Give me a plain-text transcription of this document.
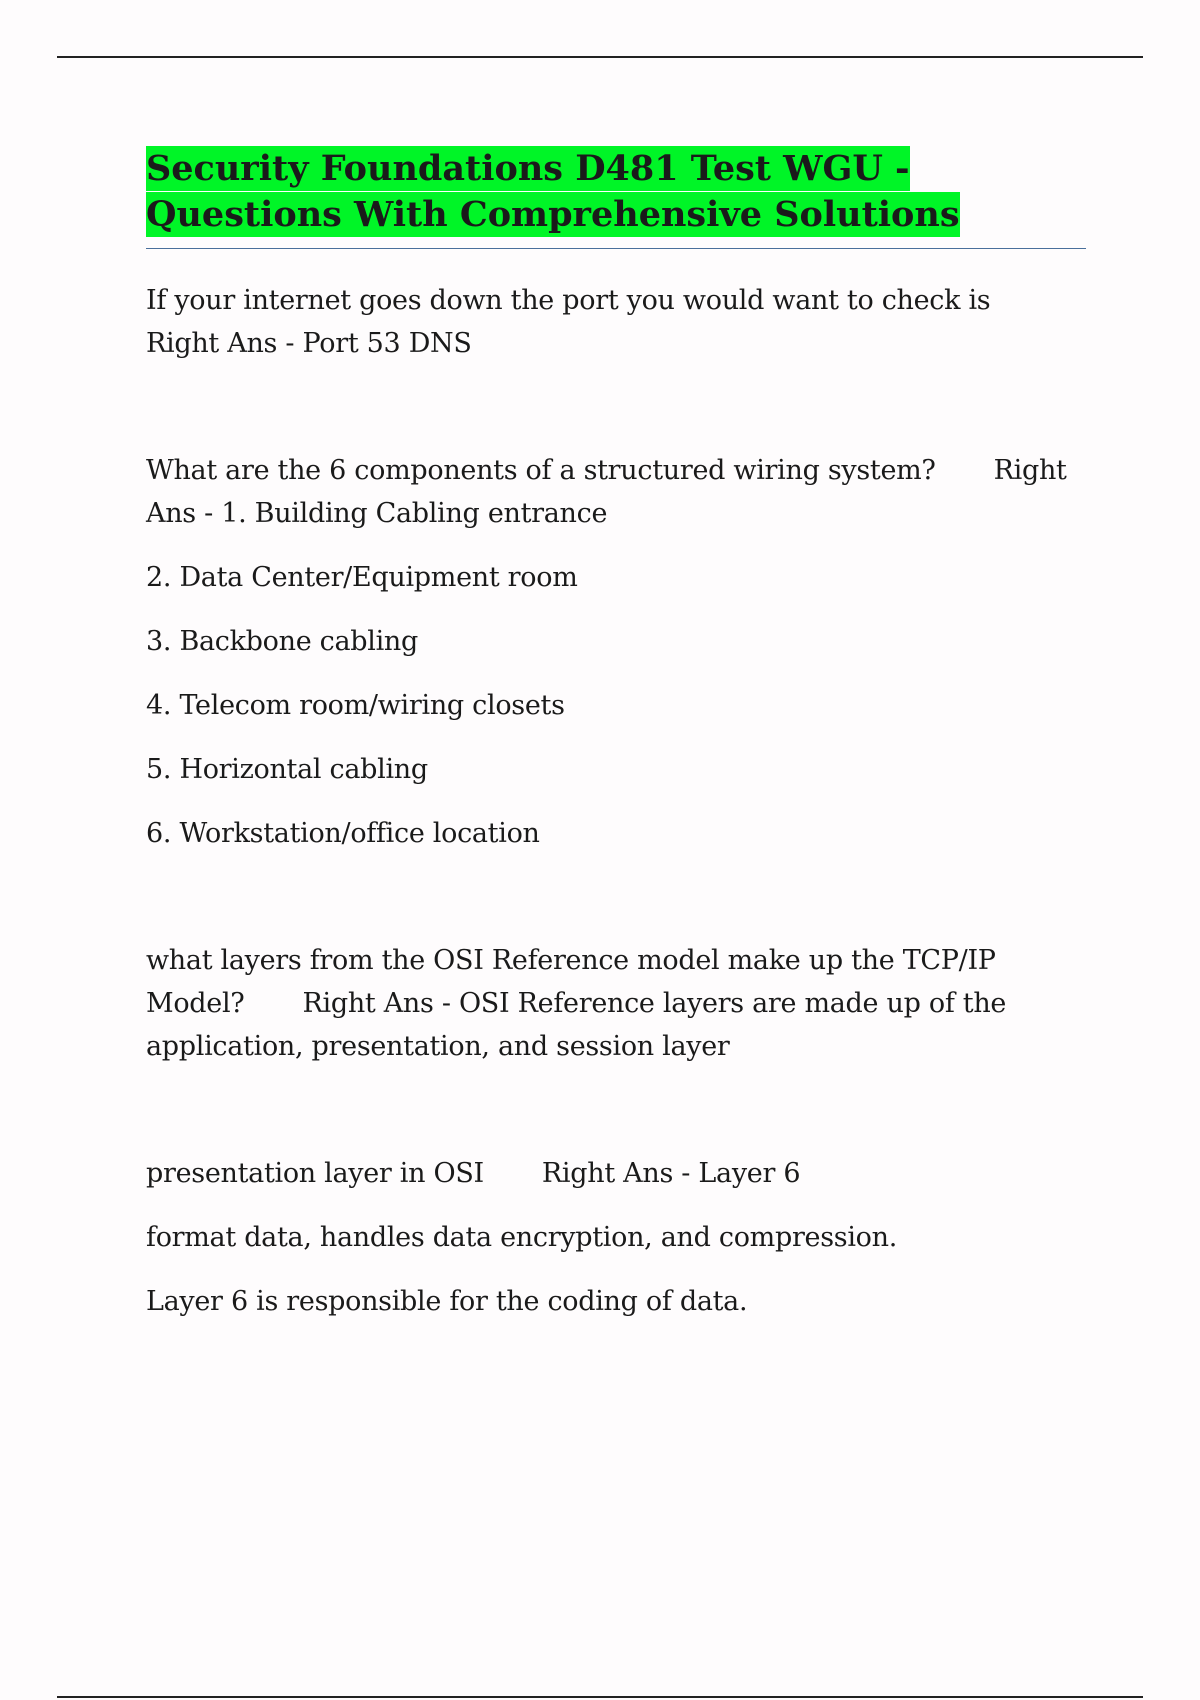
Security Foundations D481 Test WGU - Questions With Comprehensive Solutions

If your internet goes down the port you would want to check is
Right Ans - Port 53 DNS

What are the 6 components of a structured wiring system? Right Ans - 1. Building Cabling entrance

2. Data Center/Equipment room

3. Backbone cabling

4. Telecom room/wiring closets

5. Horizontal cabling

6. Workstation/office location

what layers from the OSI Reference model make up the TCP/IP Model? Right Ans - OSI Reference layers are made up of the application, presentation, and session layer

presentation layer in OSI Right Ans - Layer 6

format data, handles data encryption, and compression.

Layer 6 is responsible for the coding of data.
